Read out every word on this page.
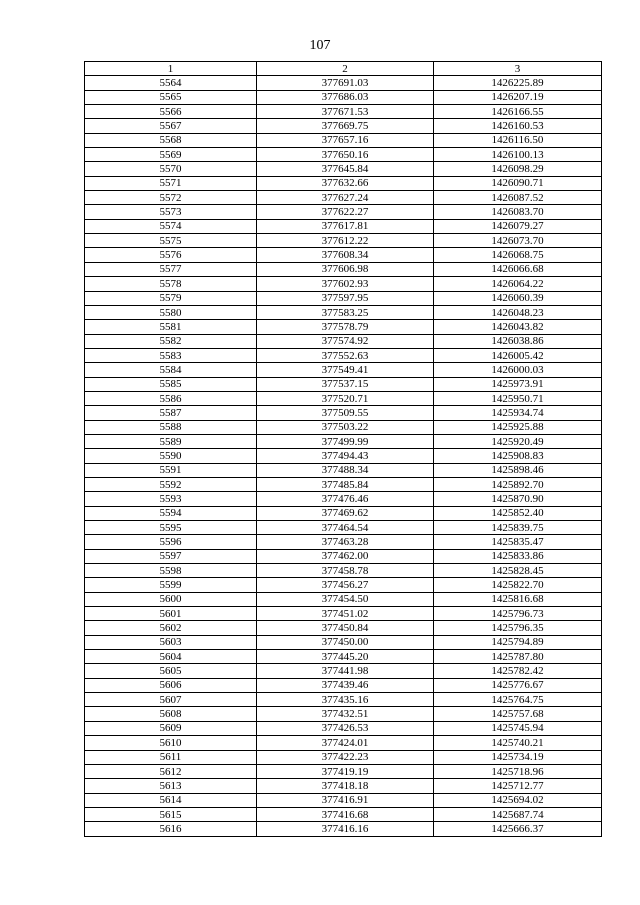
107
1	2	3
5564	377691.03	1426225.89
5565	377686.03	1426207.19
5566	377671.53	1426166.55
5567	377669.75	1426160.53
5568	377657.16	1426116.50
5569	377650.16	1426100.13
5570	377645.84	1426098.29
5571	377632.66	1426090.71
5572	377627.24	1426087.52
5573	377622.27	1426083.70
5574	377617.81	1426079.27
5575	377612.22	1426073.70
5576	377608.34	1426068.75
5577	377606.98	1426066.68
5578	377602.93	1426064.22
5579	377597.95	1426060.39
5580	377583.25	1426048.23
5581	377578.79	1426043.82
5582	377574.92	1426038.86
5583	377552.63	1426005.42
5584	377549.41	1426000.03
5585	377537.15	1425973.91
5586	377520.71	1425950.71
5587	377509.55	1425934.74
5588	377503.22	1425925.88
5589	377499.99	1425920.49
5590	377494.43	1425908.83
5591	377488.34	1425898.46
5592	377485.84	1425892.70
5593	377476.46	1425870.90
5594	377469.62	1425852.40
5595	377464.54	1425839.75
5596	377463.28	1425835.47
5597	377462.00	1425833.86
5598	377458.78	1425828.45
5599	377456.27	1425822.70
5600	377454.50	1425816.68
5601	377451.02	1425796.73
5602	377450.84	1425796.35
5603	377450.00	1425794.89
5604	377445.20	1425787.80
5605	377441.98	1425782.42
5606	377439.46	1425776.67
5607	377435.16	1425764.75
5608	377432.51	1425757.68
5609	377426.53	1425745.94
5610	377424.01	1425740.21
5611	377422.23	1425734.19
5612	377419.19	1425718.96
5613	377418.18	1425712.77
5614	377416.91	1425694.02
5615	377416.68	1425687.74
5616	377416.16	1425666.37
